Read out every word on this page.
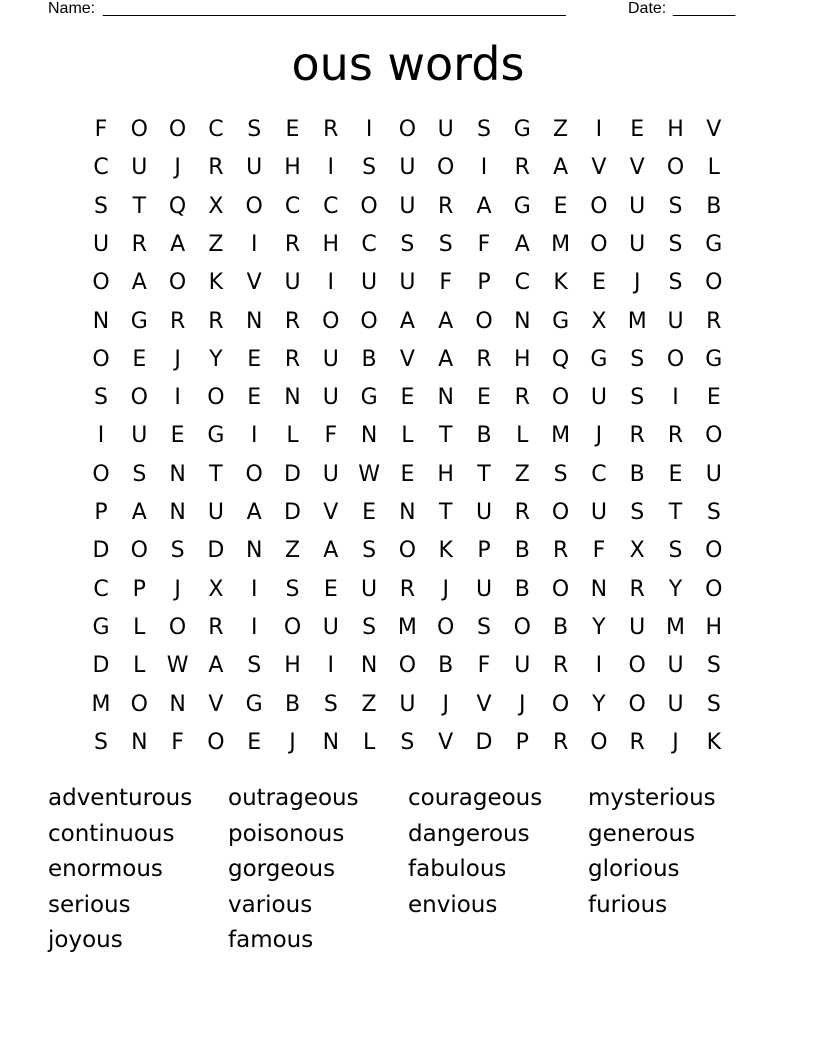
Name: ____________________________________________________	Date: _______
ous words
F	O O C	S	E	R	I	O U	S	G	Z	I	E	H	V
C	U	J	R	U H	I	S	U O	I	R	A	V	V	O	L
S	T	Q	X	O C	C O U	R	A	G	E	O U	S	B
U	R	A	Z	I	R	H	C	S	S	F	A M O U	S	G
O	A	O	K	V	U	I	U	U	F	P	C	K	E	J	S	O
N G	R	R	N	R O O	A	A	O N G	X M U	R
O	E	J	Y	E	R	U	B	V	A	R	H Q G	S	O G
S	O	I	O	E	N	U G	E	N	E	R O U	S	I	E
I	U	E	G	I	L	F	N	L	T	B	L	M	J	R	R O
O	S	N	T	O D U W E	H	T	Z	S	C	B	E	U
P	A	N	U	A	D	V	E	N	T	U	R O U	S	T	S
D O	S	D N	Z	A	S	O	K	P	B	R	F	X	S	O
C	P	J	X	I	S	E	U	R	J	U	B	O N	R	Y	O
G	L	O R	I	O U	S M O	S	O	B	Y	U M H
D	L W A	S	H	I	N O	B	F	U	R	I	O U	S
M O N	V	G	B	S	Z	U	J	V	J	O	Y	O U	S
S	N	F	O	E	J	N	L	S	V	D	P	R O R	J	K
adventurous outrageous courageous mysterious
continuous poisonous	dangerous	generous
enormous	gorgeous	fabulous	glorious
serious	various	envious	furious
joyous	famous
